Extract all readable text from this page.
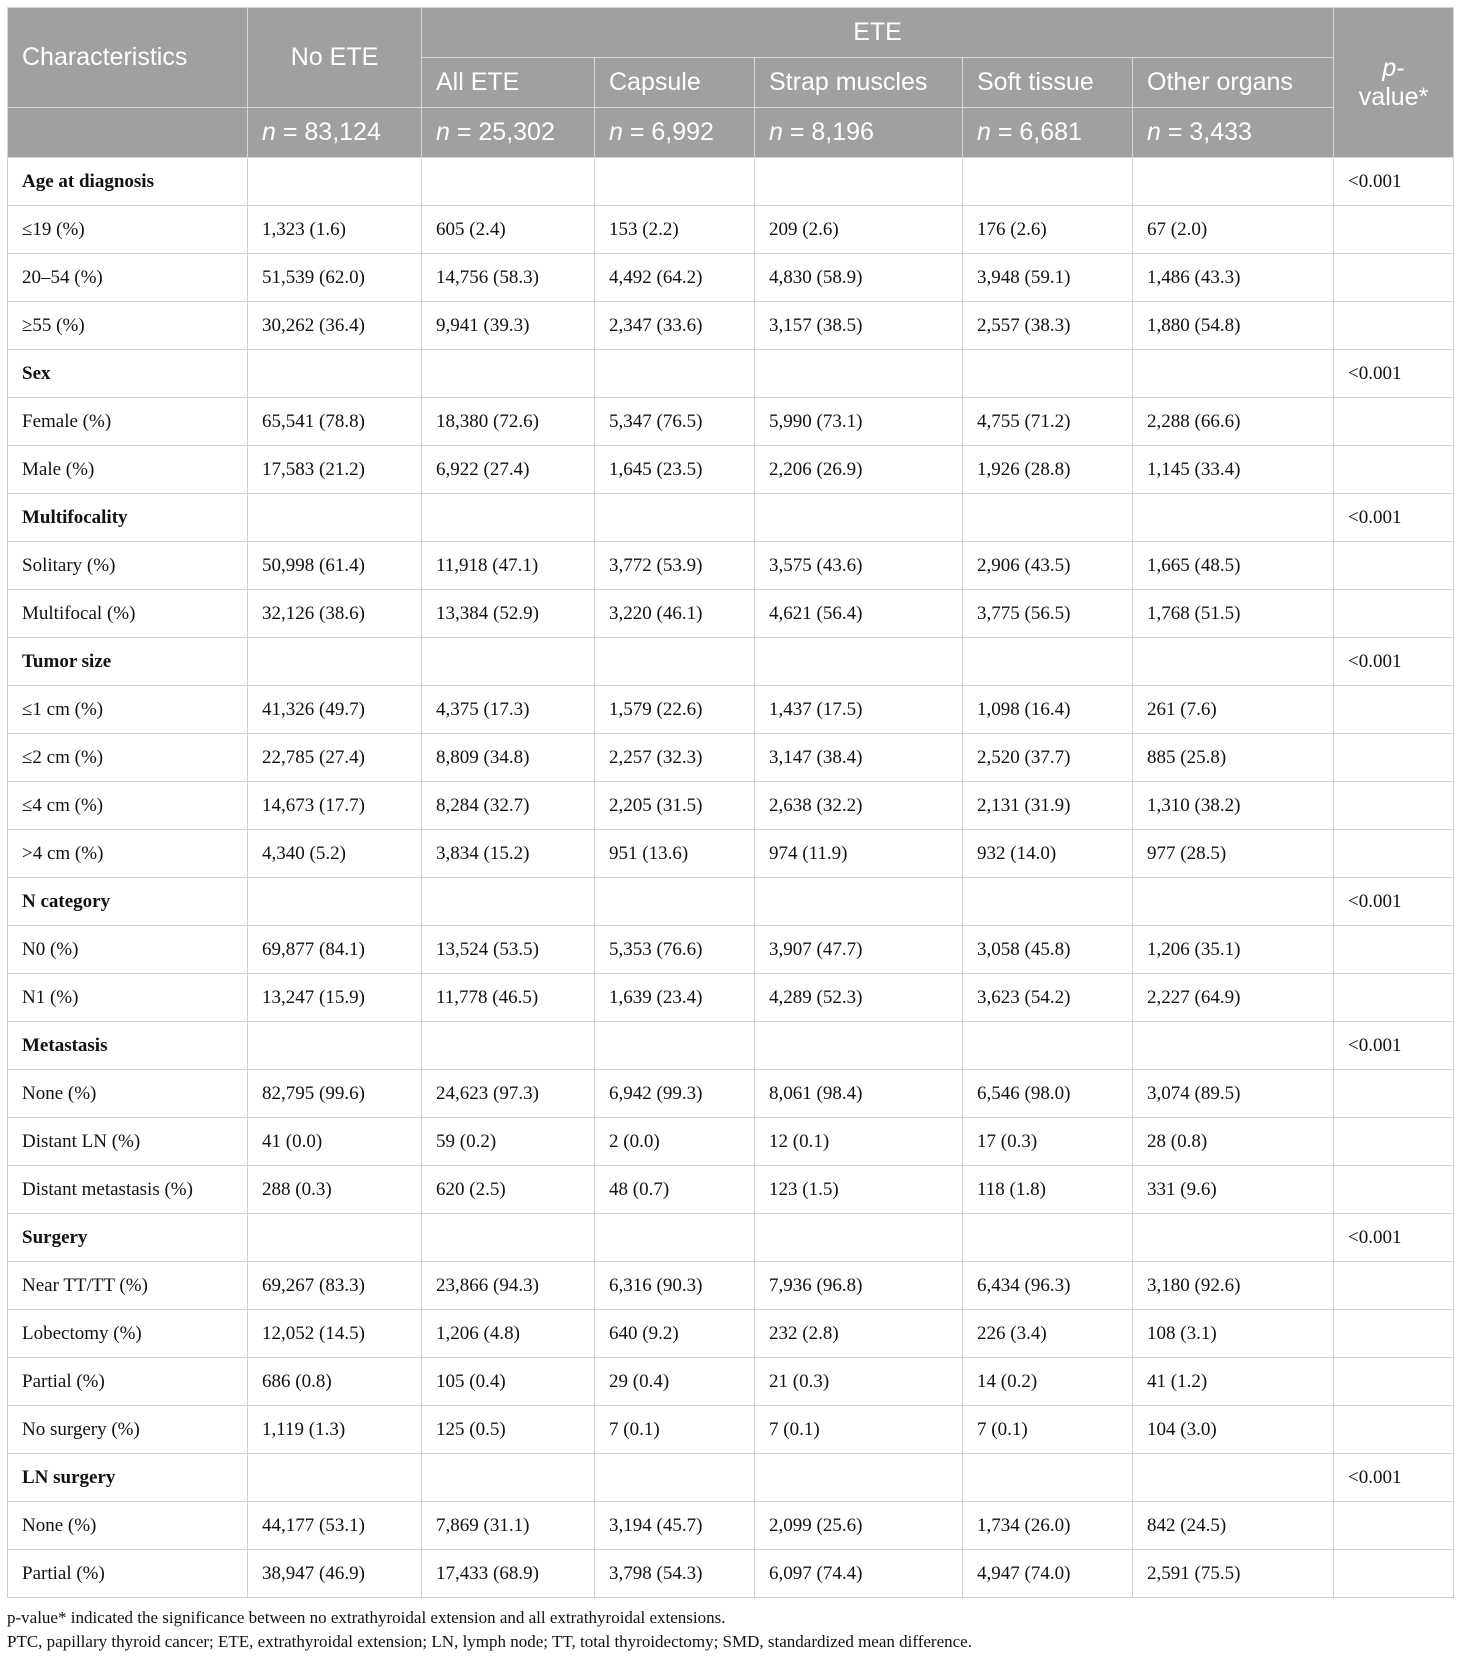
Characteristics	No ETE	ETE					p-value*
		All ETE	Capsule	Strap muscles	Soft tissue	Other organs	
	n = 83,124	n = 25,302	n = 6,992	n = 8,196	n = 6,681	n = 3,433	
Age at diagnosis							<0.001
≤19 (%)	1,323 (1.6)	605 (2.4)	153 (2.2)	209 (2.6)	176 (2.6)	67 (2.0)	
20–54 (%)	51,539 (62.0)	14,756 (58.3)	4,492 (64.2)	4,830 (58.9)	3,948 (59.1)	1,486 (43.3)	
≥55 (%)	30,262 (36.4)	9,941 (39.3)	2,347 (33.6)	3,157 (38.5)	2,557 (38.3)	1,880 (54.8)	
Sex							<0.001
Female (%)	65,541 (78.8)	18,380 (72.6)	5,347 (76.5)	5,990 (73.1)	4,755 (71.2)	2,288 (66.6)	
Male (%)	17,583 (21.2)	6,922 (27.4)	1,645 (23.5)	2,206 (26.9)	1,926 (28.8)	1,145 (33.4)	
Multifocality							<0.001
Solitary (%)	50,998 (61.4)	11,918 (47.1)	3,772 (53.9)	3,575 (43.6)	2,906 (43.5)	1,665 (48.5)	
Multifocal (%)	32,126 (38.6)	13,384 (52.9)	3,220 (46.1)	4,621 (56.4)	3,775 (56.5)	1,768 (51.5)	
Tumor size							<0.001
≤1 cm (%)	41,326 (49.7)	4,375 (17.3)	1,579 (22.6)	1,437 (17.5)	1,098 (16.4)	261 (7.6)	
≤2 cm (%)	22,785 (27.4)	8,809 (34.8)	2,257 (32.3)	3,147 (38.4)	2,520 (37.7)	885 (25.8)	
≤4 cm (%)	14,673 (17.7)	8,284 (32.7)	2,205 (31.5)	2,638 (32.2)	2,131 (31.9)	1,310 (38.2)	
>4 cm (%)	4,340 (5.2)	3,834 (15.2)	951 (13.6)	974 (11.9)	932 (14.0)	977 (28.5)	
N category							<0.001
N0 (%)	69,877 (84.1)	13,524 (53.5)	5,353 (76.6)	3,907 (47.7)	3,058 (45.8)	1,206 (35.1)	
N1 (%)	13,247 (15.9)	11,778 (46.5)	1,639 (23.4)	4,289 (52.3)	3,623 (54.2)	2,227 (64.9)	
Metastasis							<0.001
None (%)	82,795 (99.6)	24,623 (97.3)	6,942 (99.3)	8,061 (98.4)	6,546 (98.0)	3,074 (89.5)	
Distant LN (%)	41 (0.0)	59 (0.2)	2 (0.0)	12 (0.1)	17 (0.3)	28 (0.8)	
Distant metastasis (%)	288 (0.3)	620 (2.5)	48 (0.7)	123 (1.5)	118 (1.8)	331 (9.6)	
Surgery							<0.001
Near TT/TT (%)	69,267 (83.3)	23,866 (94.3)	6,316 (90.3)	7,936 (96.8)	6,434 (96.3)	3,180 (92.6)	
Lobectomy (%)	12,052 (14.5)	1,206 (4.8)	640 (9.2)	232 (2.8)	226 (3.4)	108 (3.1)	
Partial (%)	686 (0.8)	105 (0.4)	29 (0.4)	21 (0.3)	14 (0.2)	41 (1.2)	
No surgery (%)	1,119 (1.3)	125 (0.5)	7 (0.1)	7 (0.1)	7 (0.1)	104 (3.0)	
LN surgery							<0.001
None (%)	44,177 (53.1)	7,869 (31.1)	3,194 (45.7)	2,099 (25.6)	1,734 (26.0)	842 (24.5)	
Partial (%)	38,947 (46.9)	17,433 (68.9)	3,798 (54.3)	6,097 (74.4)	4,947 (74.0)	2,591 (75.5)	
p-value* indicated the significance between no extrathyroidal extension and all extrathyroidal extensions.
PTC, papillary thyroid cancer; ETE, extrathyroidal extension; LN, lymph node; TT, total thyroidectomy; SMD, standardized mean difference.
